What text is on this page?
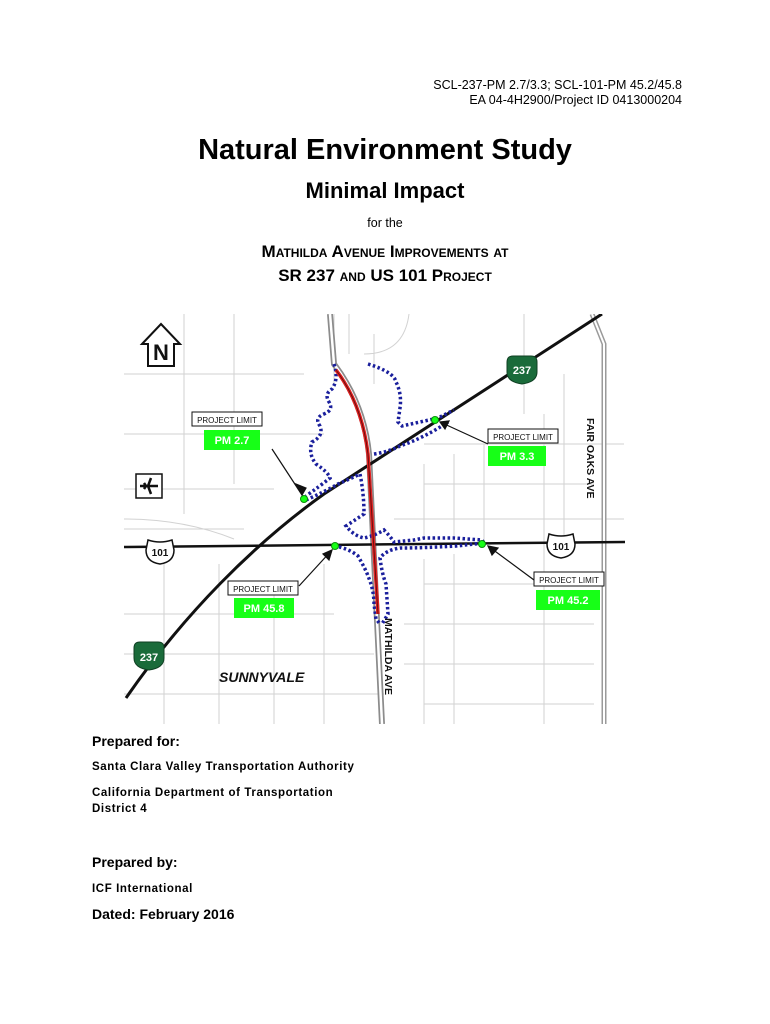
SCL-237-PM 2.7/3.3; SCL-101-PM 45.2/45.8
EA 04-4H2900/Project ID 0413000204
Natural Environment Study
Minimal Impact
for the
Mathilda Avenue Improvements at
SR 237 and US 101 Project
N
237
237
101
101
PROJECT LIMIT
PM 2.7	PROJECT LIMIT
PM 3.3
PROJECT LIMIT
PM 45.8
PROJECT LIMIT
PM 45.2
FAIR OAKS AVE
MATHILDA AVE
SUNNYVALE
Prepared for:
Santa Clara Valley Transportation Authority
California Department of Transportation
District 4
Prepared by:
ICF International
Dated: February 2016
